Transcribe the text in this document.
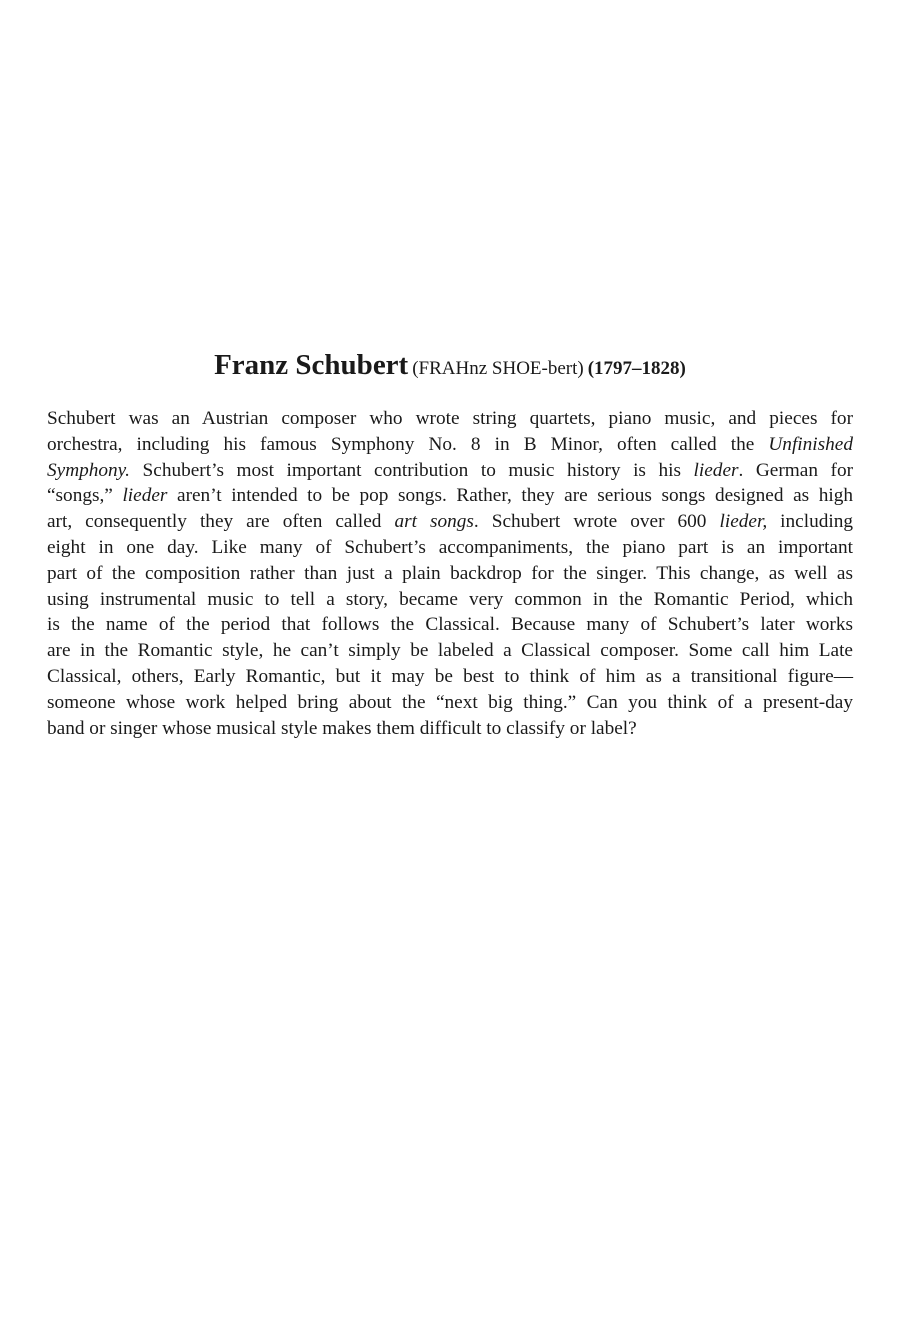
Franz Schubert (FRAHnz SHOE-bert) (1797–1828)
Schubert was an Austrian composer who wrote string quartets, piano music, and pieces for
orchestra, including his famous Symphony No. 8 in B Minor, often called the Unfinished
Symphony. Schubert’s most important contribution to music history is his lieder. German for
“songs,” lieder aren’t intended to be pop songs. Rather, they are serious songs designed as high
art, consequently they are often called art songs. Schubert wrote over 600 lieder, including
eight in one day. Like many of Schubert’s accompaniments, the piano part is an important
part of the composition rather than just a plain backdrop for the singer. This change, as well as
using instrumental music to tell a story, became very common in the Romantic Period, which
is the name of the period that follows the Classical. Because many of Schubert’s later works
are in the Romantic style, he can’t simply be labeled a Classical composer. Some call him Late
Classical, others, Early Romantic, but it may be best to think of him as a transitional figure—
someone whose work helped bring about the “next big thing.” Can you think of a present-day
band or singer whose musical style makes them difficult to classify or label?
